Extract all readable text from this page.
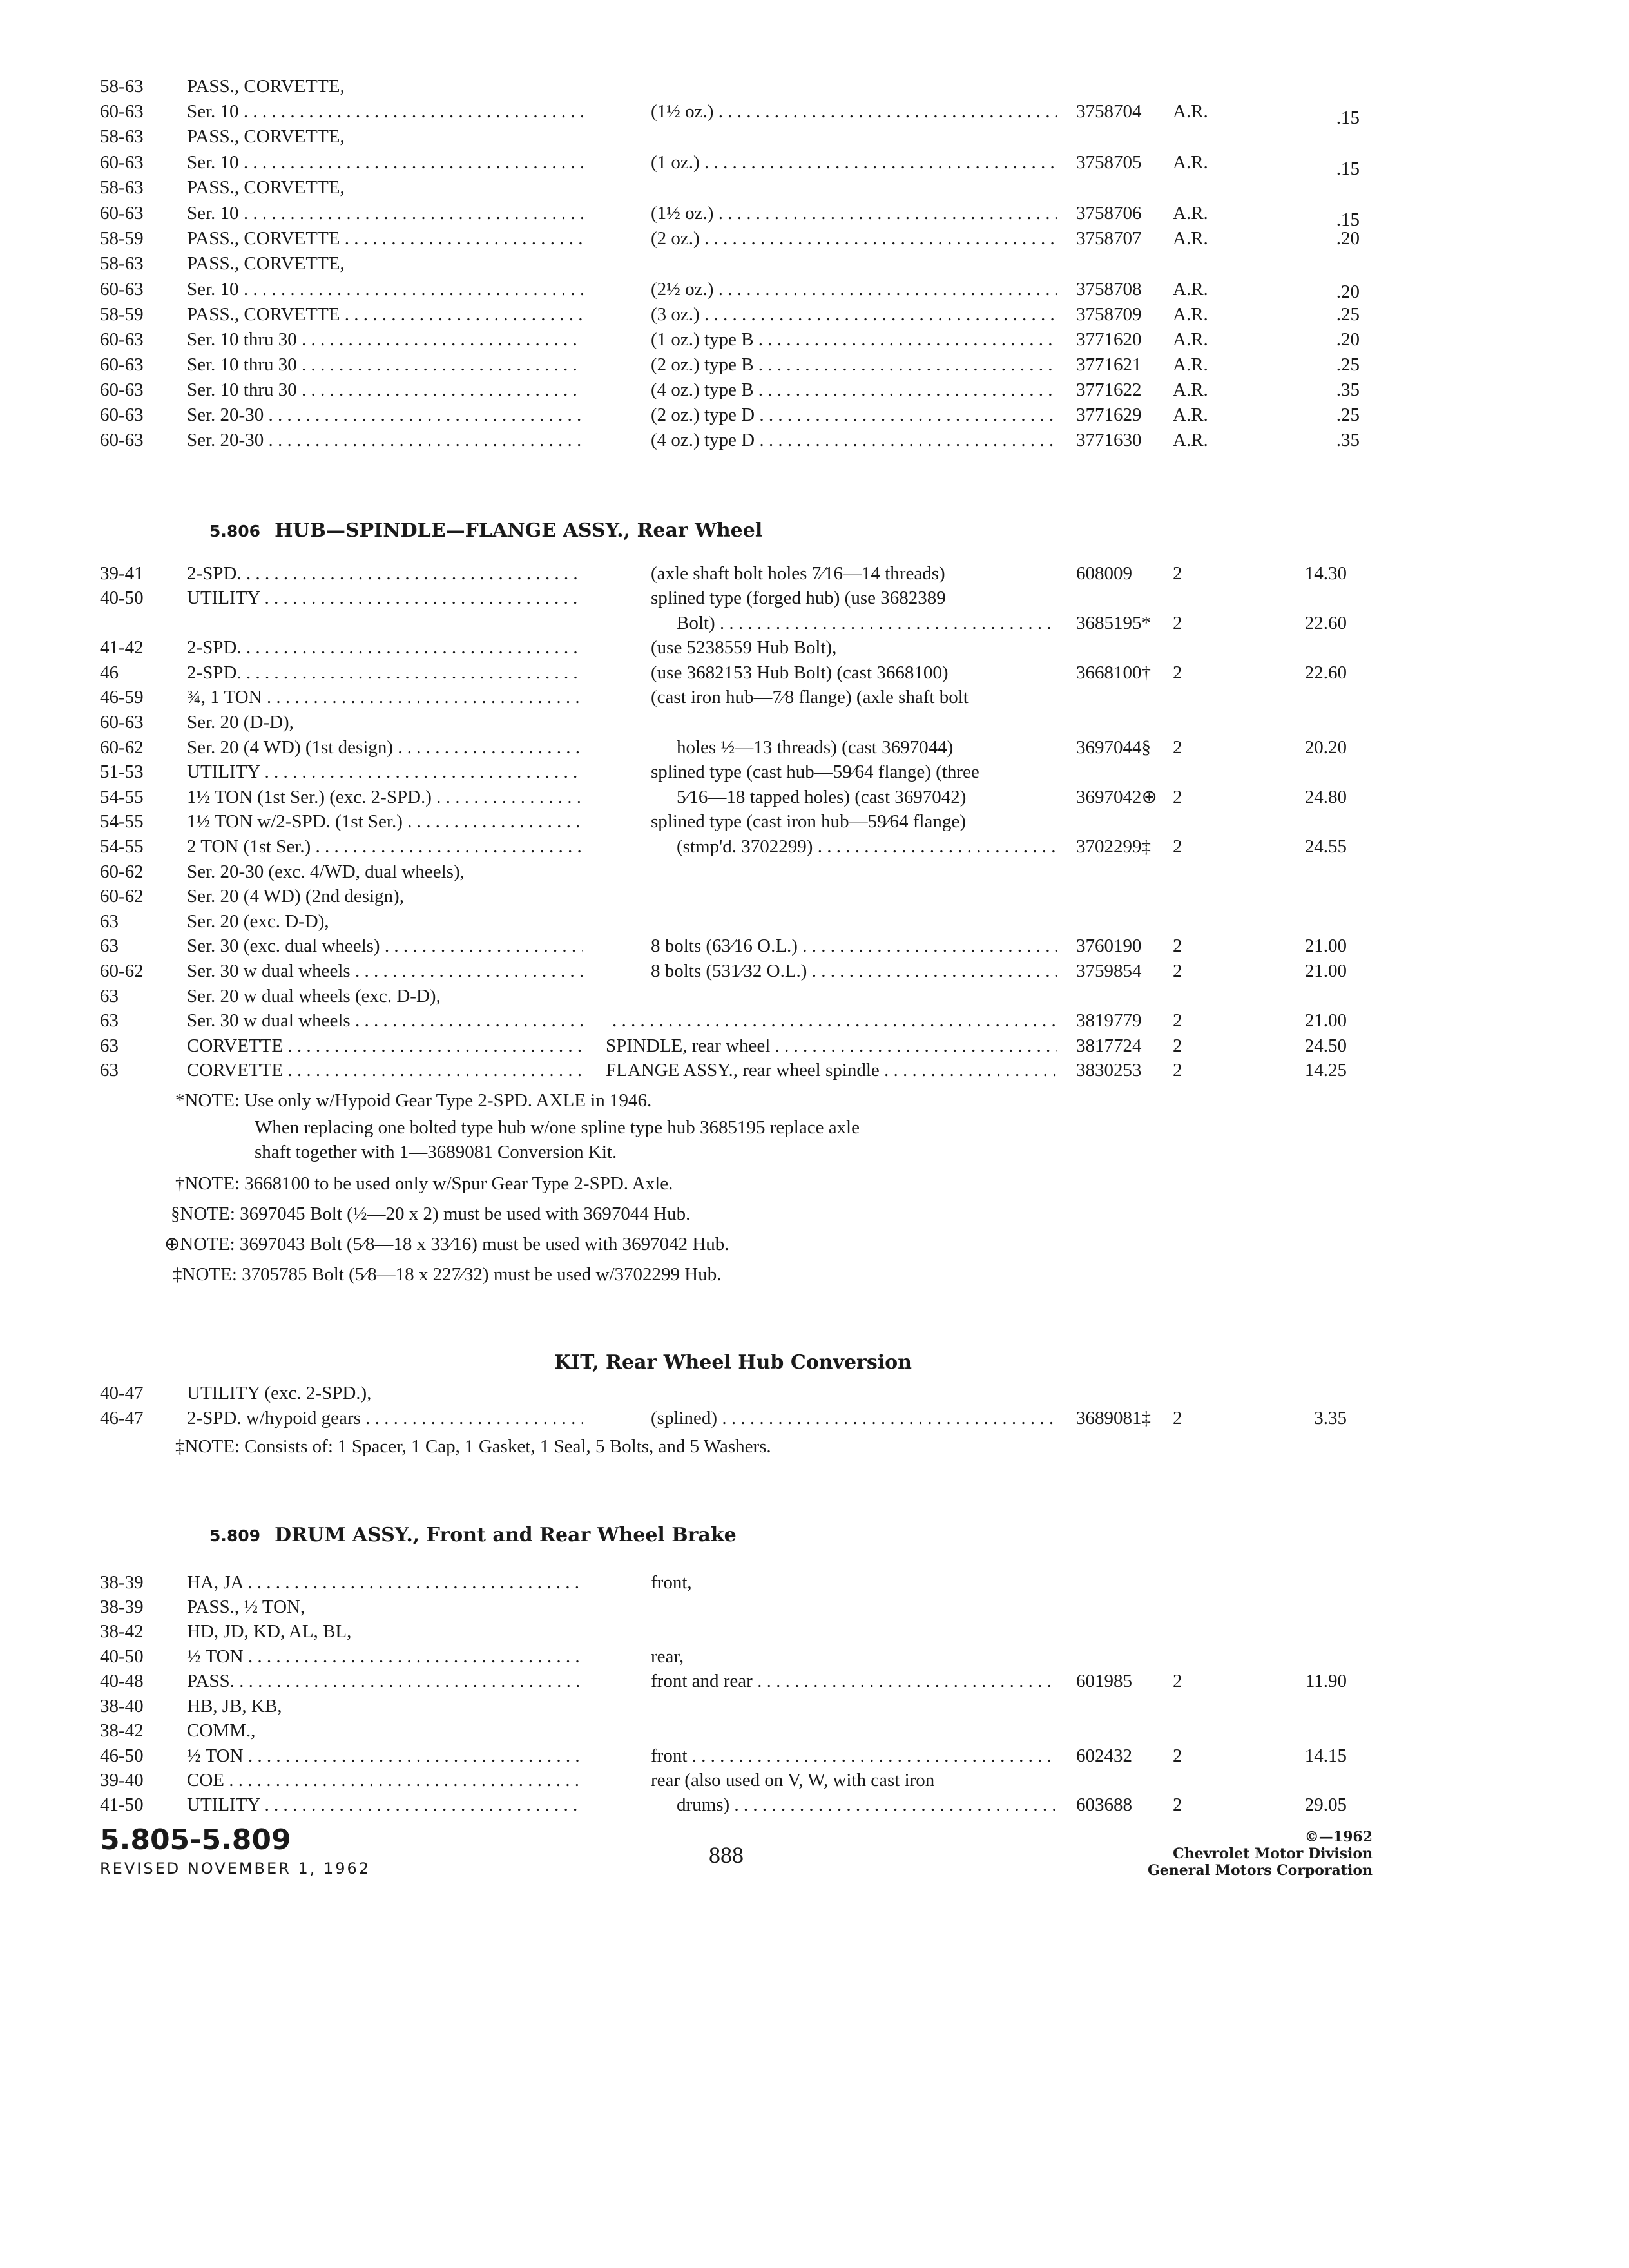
58-63	PASS., CORVETTE,
60-63	Ser. 10 . . .	(1½ oz.) . . .	3758704	A.R.	.15
58-63	PASS., CORVETTE,
60-63	Ser. 10 . . .	(1 oz.) . . .	3758705	A.R.	.15
58-63	PASS., CORVETTE,
60-63	Ser. 10 . . .	(1½ oz.) . . .	3758706	A.R.	.15
58-59	PASS., CORVETTE . . .	(2 oz.) . . .	3758707	A.R.	.20
58-63	PASS., CORVETTE,
60-63	Ser. 10 . . .	(2½ oz.) . . .	3758708	A.R.	.20
58-59	PASS., CORVETTE . . .	(3 oz.) . . .	3758709	A.R.	.25
60-63	Ser. 10 thru 30 . . .	(1 oz.) type B . . .	3771620	A.R.	.20
60-63	Ser. 10 thru 30 . . .	(2 oz.) type B . . .	3771621	A.R.	.25
60-63	Ser. 10 thru 30 . . .	(4 oz.) type B . . .	3771622	A.R.	.35
60-63	Ser. 20-30 . . .	(2 oz.) type D . . .	3771629	A.R.	.25
60-63	Ser. 20-30 . . .	(4 oz.) type D . . .	3771630	A.R.	.35
5.806 HUB—SPINDLE—FLANGE ASSY., Rear Wheel
39-41	2-SPD. . . .	(axle shaft bolt holes 7⁄16—14 threads)	608009	2	14.30
40-50	UTILITY . . .	splined type (forged hub) (use 3682389
Bolt) . . .	3685195*	2	22.60
41-42	2-SPD. . . .	(use 5238559 Hub Bolt),
46	2-SPD. . . .	(use 3682153 Hub Bolt) (cast 3668100)	3668100†	2	22.60
46-59	¾, 1 TON . . .	(cast iron hub—7⁄8 flange) (axle shaft bolt
60-63	Ser. 20 (D-D),
60-62	Ser. 20 (4 WD) (1st design) . . .	holes ½—13 threads) (cast 3697044)	3697044§	2	20.20
51-53	UTILITY . . .	splined type (cast hub—59⁄64 flange) (three
54-55	1½ TON (1st Ser.) (exc. 2-SPD.) . . .	5⁄16—18 tapped holes) (cast 3697042)	3697042⊕ 2	24.80
54-55	1½ TON w/2-SPD. (1st Ser.) . . .	splined type (cast iron hub—59⁄64 flange)
54-55	2 TON (1st Ser.) . . .	(stmp'd. 3702299) . . .	3702299‡	2	24.55
60-62	Ser. 20-30 (exc. 4/WD, dual wheels),
60-62	Ser. 20 (4 WD) (2nd design),
63	Ser. 20 (exc. D-D),
63	Ser. 30 (exc. dual wheels) . . .	8 bolts (63⁄16 O.L.) . . .	3760190	2	21.00
60-62	Ser. 30 w dual wheels . . .	8 bolts (531⁄32 O.L.) . . .	3759854	2	21.00
63	Ser. 20 w dual wheels (exc. D-D),
63	Ser. 30 w dual wheels . . .
. . .	3819779	2	21.00
63	CORVETTE . . .	SPINDLE, rear wheel . . .	3817724	2	24.50
63	CORVETTE . . .	FLANGE ASSY., rear wheel spindle . . .	3830253	2	14.25
*NOTE: Use only w/Hypoid Gear Type 2-SPD. AXLE in 1946.
When replacing one bolted type hub w/one spline type hub 3685195 replace axle
shaft together with 1—3689081 Conversion Kit.
†NOTE: 3668100 to be used only w/Spur Gear Type 2-SPD. Axle.
§NOTE: 3697045 Bolt (½—20 x 2) must be used with 3697044 Hub.
⊕NOTE: 3697043 Bolt (5⁄8—18 x 33⁄16) must be used with 3697042 Hub.
‡NOTE: 3705785 Bolt (5⁄8—18 x 227⁄32) must be used w/3702299 Hub.
KIT, Rear Wheel Hub Conversion
40-47	UTILITY (exc. 2-SPD.),
46-47	2-SPD. w/hypoid gears . . .	(splined) . . .	3689081‡	2	3.35
‡NOTE: Consists of: 1 Spacer, 1 Cap, 1 Gasket, 1 Seal, 5 Bolts, and 5 Washers.
5.809 DRUM ASSY., Front and Rear Wheel Brake
38-39	HA, JA . . .	front,
38-39	PASS., ½ TON,
38-42	HD, JD, KD, AL, BL,
40-50	½ TON . . .	rear,
40-48	PASS. . . .	front and rear . . .	601985	2	11.90
38-40	HB, JB, KB,
38-42	COMM.,
46-50	½ TON . . .	front . . .	602432	2	14.15
39-40	COE . . .	rear (also used on V, W, with cast iron
41-50	UTILITY . . .	drums) . . .	603688	2	29.05
5.805-5.809
REVISED NOVEMBER 1, 1962
888
©—1962
Chevrolet Motor Division
General Motors Corporation
